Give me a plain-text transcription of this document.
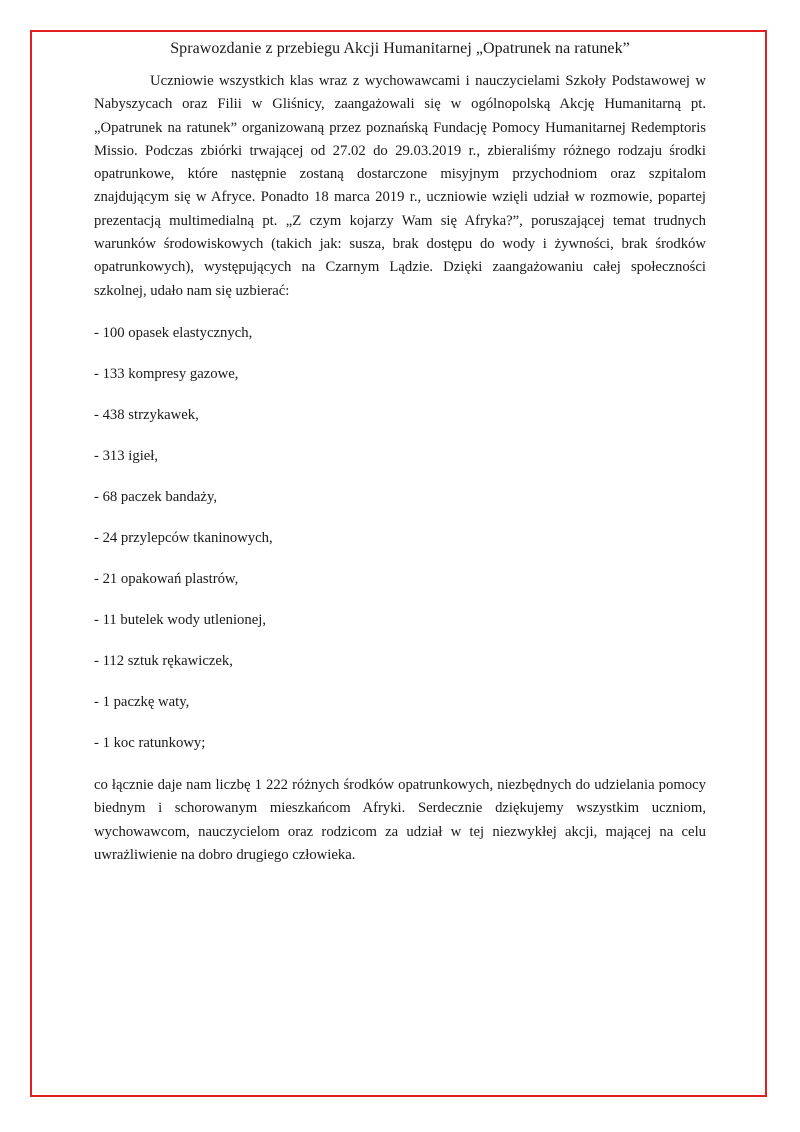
Sprawozdanie z przebiegu Akcji Humanitarnej „Opatrunek na ratunek”

Uczniowie wszystkich klas wraz z wychowawcami i nauczycielami Szkoły Podstawowej w Nabyszycach oraz Filii w Gliśnicy, zaangażowali się w ogólnopolską Akcję Humanitarną pt. „Opatrunek na ratunek” organizowaną przez poznańską Fundację Pomocy Humanitarnej Redemptoris Missio. Podczas zbiórki trwającej od 27.02 do 29.03.2019 r., zbieraliśmy różnego rodzaju środki opatrunkowe, które następnie zostaną dostarczone misyjnym przychodniom oraz szpitalom znajdującym się w Afryce. Ponadto 18 marca 2019 r., uczniowie wzięli udział w rozmowie, popartej prezentacją multimedialną pt. „Z czym kojarzy Wam się Afryka?”, poruszającej temat trudnych warunków środowiskowych (takich jak: susza, brak dostępu do wody i żywności, brak środków opatrunkowych), występujących na Czarnym Lądzie. Dzięki zaangażowaniu całej społeczności szkolnej, udało nam się uzbierać:

- 100 opasek elastycznych,
- 133 kompresy gazowe,
- 438 strzykawek,
- 313 igieł,
- 68 paczek bandaży,
- 24 przylepców tkaninowych,
- 21 opakowań plastrów,
- 11 butelek wody utlenionej,
- 112 sztuk rękawiczek,
- 1 paczkę waty,
- 1 koc ratunkowy;

co łącznie daje nam liczbę 1 222 różnych środków opatrunkowych, niezbędnych do udzielania pomocy biednym i schorowanym mieszkańcom Afryki. Serdecznie dziękujemy wszystkim uczniom, wychowawcom, nauczycielom oraz rodzicom za udział w tej niezwykłej akcji, mającej na celu uwrażliwienie na dobro drugiego człowieka.
